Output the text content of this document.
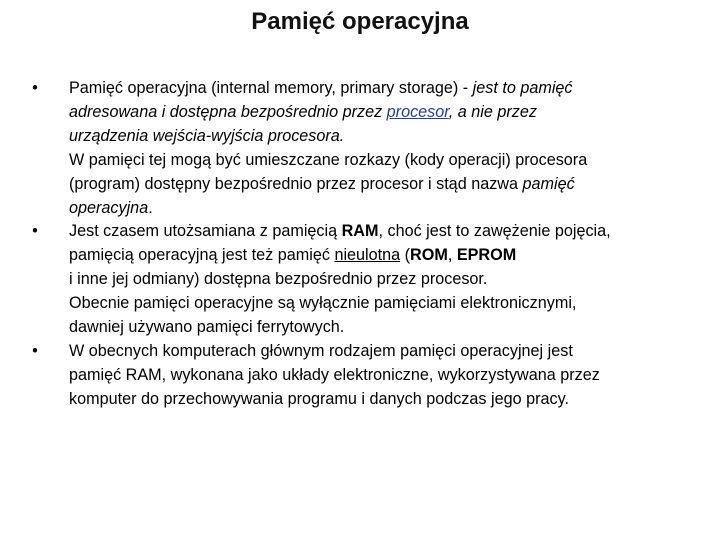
Pamięć operacyjna
• Pamięć operacyjna (internal memory, primary storage) - jest to pamięć
adresowana i dostępna bezpośrednio przez procesor, a nie przez
urządzenia wejścia-wyjścia procesora.
W pamięci tej mogą być umieszczane rozkazy (kody operacji) procesora
(program) dostępny bezpośrednio przez procesor i stąd nazwa pamięć
operacyjna.
• Jest czasem utożsamiana z pamięcią RAM, choć jest to zawężenie pojęcia,
pamięcią operacyjną jest też pamięć nieulotna (ROM, EPROM
i inne jej odmiany) dostępna bezpośrednio przez procesor.
Obecnie pamięci operacyjne są wyłącznie pamięciami elektronicznymi,
dawniej używano pamięci ferrytowych.
• W obecnych komputerach głównym rodzajem pamięci operacyjnej jest
pamięć RAM, wykonana jako układy elektroniczne, wykorzystywana przez
komputer do przechowywania programu i danych podczas jego pracy.
